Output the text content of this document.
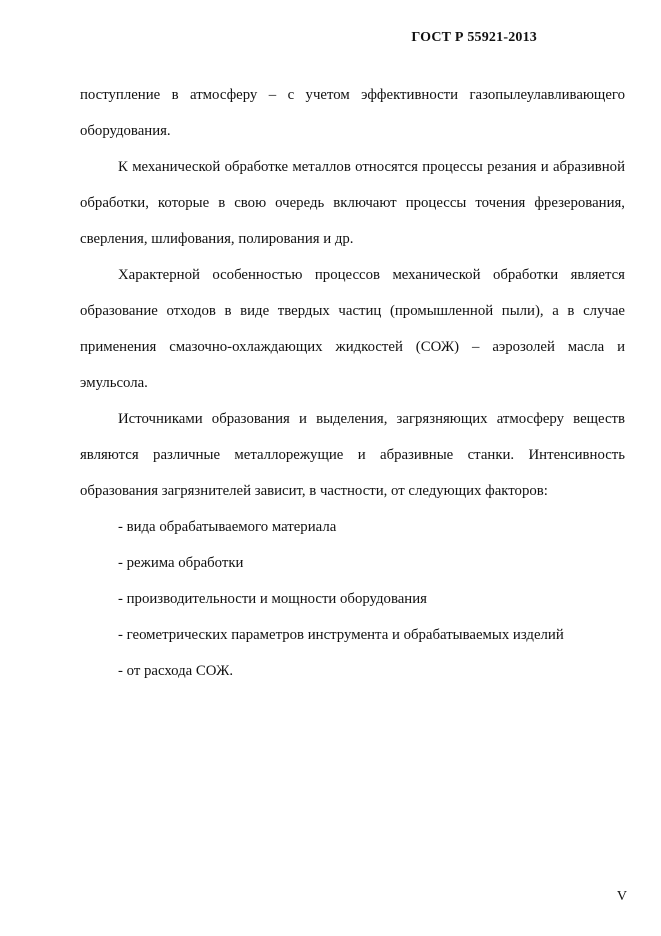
ГОСТ Р 55921-2013

поступление в атмосферу – с учетом эффективности газопылеулавливающего оборудования.

К механической обработке металлов относятся процессы резания и абразивной обработки, которые в свою очередь включают процессы точения фрезерования, сверления, шлифования, полирования и др.

Характерной особенностью процессов механической обработки является образование отходов в виде твердых частиц (промышленной пыли), а в случае применения смазочно-охлаждающих жидкостей (СОЖ) – аэрозолей масла и эмульсола.

Источниками образования и выделения, загрязняющих атмосферу веществ являются различные металлорежущие и абразивные станки. Интенсивность образования загрязнителей зависит, в частности, от следующих факторов:

- вида обрабатываемого материала
- режима обработки
- производительности и мощности оборудования
- геометрических параметров инструмента и обрабатываемых изделий
- от расхода СОЖ.
V
